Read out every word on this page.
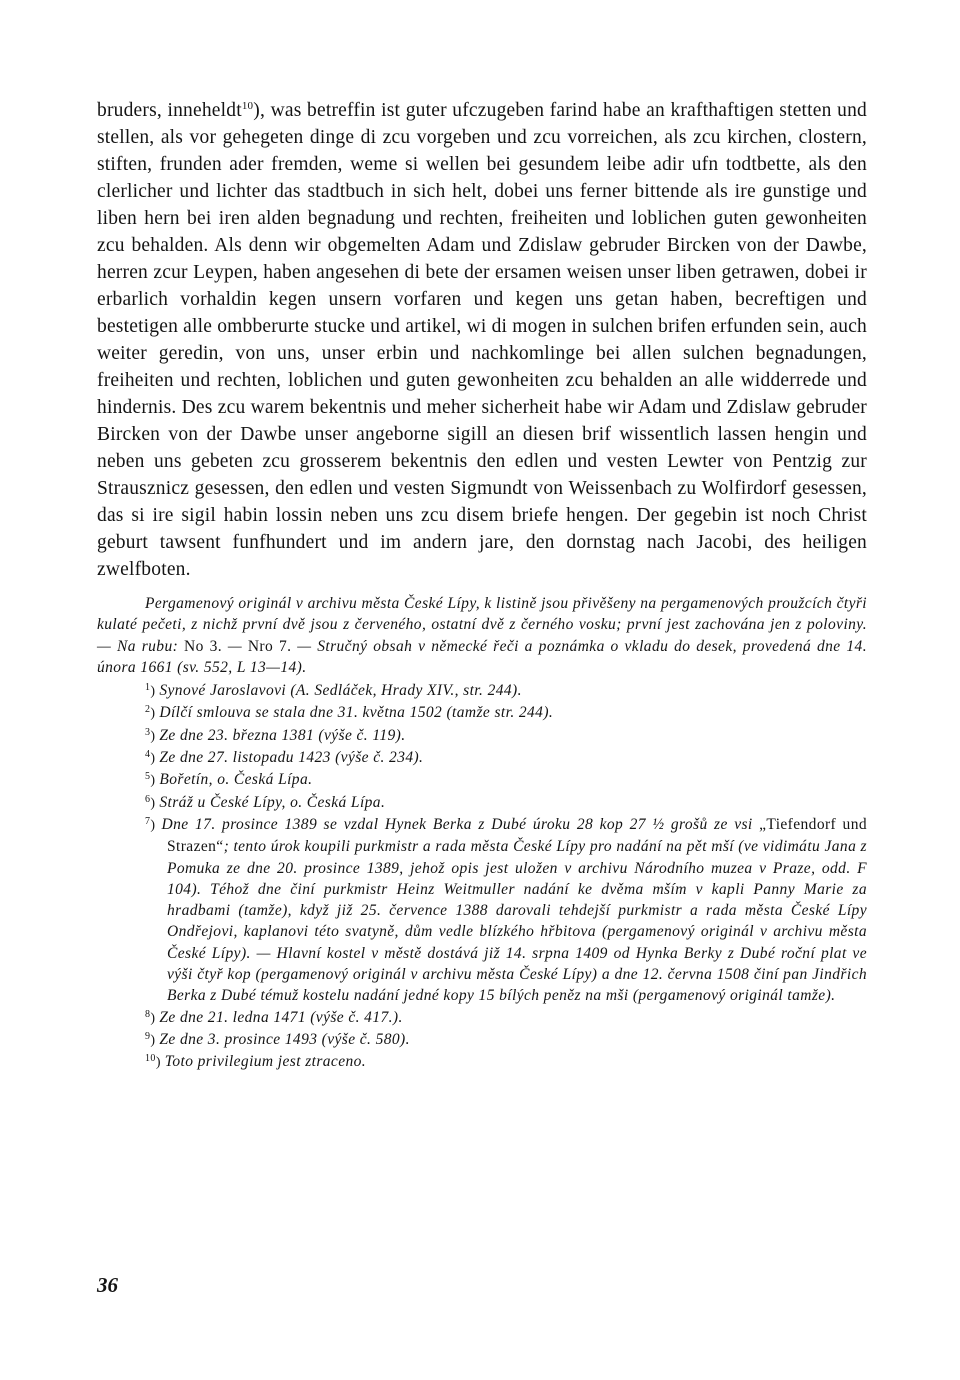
bruders, inneheldt$^{10}$), was betreffin ist guter ufczugeben farind habe an krafthaftigen stetten und stellen, als vor gehegeten dinge di zcu vorgeben und zcu vorreichen, als zcu kirchen, clostern, stiften, frunden ader fremden, weme si wellen bei gesundem leibe adir ufn todtbette, als den clerlicher und lichter das stadtbuch in sich helt, dobei uns ferner bittende als ire gunstige und liben hern bei iren alden begnadung und rechten, freiheiten und loblichen guten gewonheiten zcu behalden. Als denn wir obgemelten Adam und Zdislaw gebruder Bircken von der Dawbe, herren zcur Leypen, haben angesehen di bete der ersamen weisen unser liben getrawen, dobei ir erbarlich vorhaldin kegen unsern vorfaren und kegen uns getan haben, becreftigen und bestetigen alle ombberurte stucke und artikel, wi di mogen in sulchen brifen erfunden sein, auch weiter geredin, von uns, unser erbin und nachkomlinge bei allen sulchen begnadungen, freiheiten und rechten, loblichen und guten gewonheiten zcu behalden an alle widderrede und hindernis. Des zcu warem bekentnis und meher sicherheit habe wir Adam und Zdislaw gebruder Bircken von der Dawbe unser angeborne sigill an diesen brif wissentlich lassen hengin und neben uns gebeten zcu grosserem bekentnis den edlen und vesten Lewter von Pentzig zur Strausznicz gesessen, den edlen und vesten Sigmundt von Weissenbach zu Wolfirdorf gesessen, das si ire sigil habin lossin neben uns zcu disem briefe hengen. Der gegebin ist noch Christ geburt tawsent funfhundert und im andern jare, den dornstag nach Jacobi, des heiligen zwelfboten.

Pergamenový originál v archivu města České Lípy, k listině jsou přivěšeny na pergamenových proužcích čtyři kulaté pečeti, z nichž první dvě jsou z červeného, ostatní dvě z černého vosku; první jest zachována jen z poloviny. — Na rubu: No 3. — Nro 7. — Stručný obsah v německé řeči a poznámka o vkladu do desek, provedená dne 14. února 1661 (sv. 552, L 13—14).

$^1$) Synové Jaroslavovi (A. Sedláček, Hrady XIV., str. 244).

$^2$) Dílčí smlouva se stala dne 31. května 1502 (tamže str. 244).

$^3$) Ze dne 23. března 1381 (výše č. 119).

$^4$) Ze dne 27. listopadu 1423 (výše č. 234).

$^5$) Bořetín, o. Česká Lípa.

$^6$) Stráž u České Lípy, o. Česká Lípa.

$^7$) Dne 17. prosince 1389 se vzdal Hynek Berka z Dubé úroku 28 kop 27 ½ grošů ze vsi „Tiefendorf und Strazen“; tento úrok koupili purkmistr a rada města České Lípy pro nadání na pět mší (ve vidimátu Jana z Pomuka ze dne 20. prosince 1389, jehož opis jest uložen v archivu Národního muzea v Praze, odd. F 104). Téhož dne činí purkmistr Heinz Weitmuller nadání ke dvěma mším v kapli Panny Marie za hradbami (tamže), když již 25. července 1388 darovali tehdejší purkmistr a rada města České Lípy Ondřejovi, kaplanovi této svatyně, dům vedle blízkého hřbitova (pergamenový originál v archivu města České Lípy). — Hlavní kostel v městě dostává již 14. srpna 1409 od Hynka Berky z Dubé roční plat ve výši čtyř kop (pergamenový originál v archivu města České Lípy) a dne 12. června 1508 činí pan Jindřich Berka z Dubé témuž kostelu nadání jedné kopy 15 bílých peněz na mši (pergamenový originál tamže).

$^8$) Ze dne 21. ledna 1471 (výše č. 417.).

$^9$) Ze dne 3. prosince 1493 (výše č. 580).

$^{10}$) Toto privilegium jest ztraceno.

36
